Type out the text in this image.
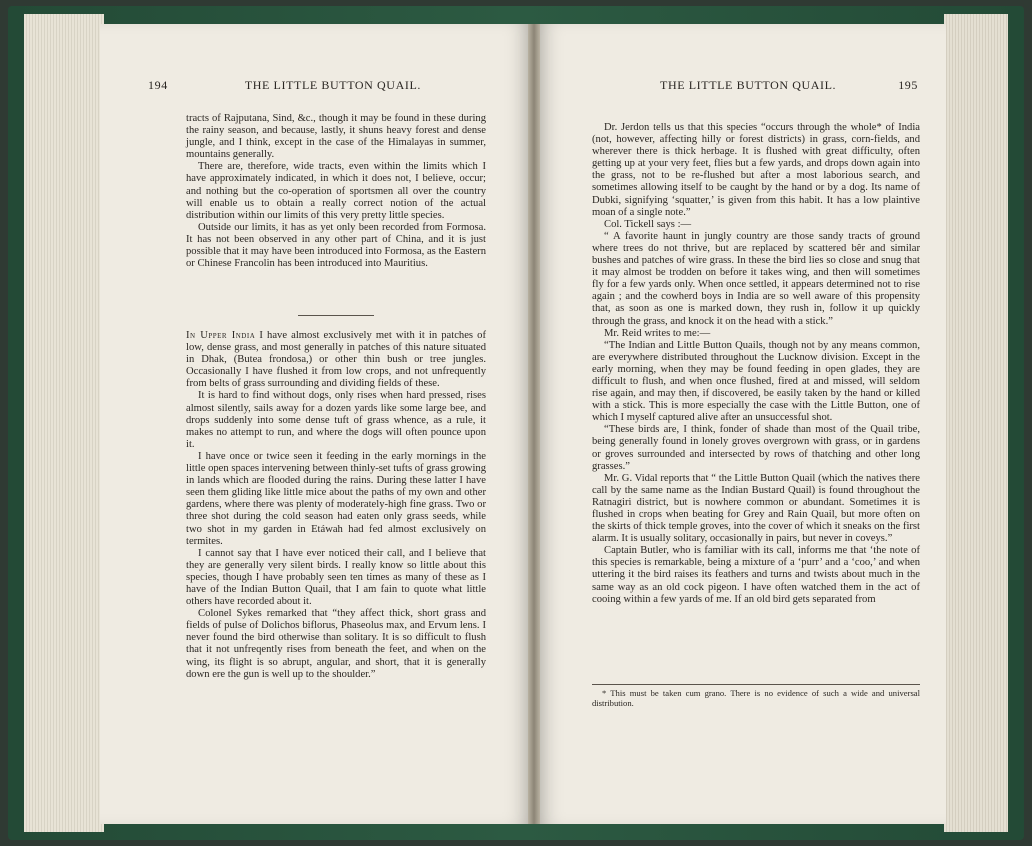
194	THE LITTLE BUTTON QUAIL.	THE LITTLE BUTTON QUAIL.	195

tracts of Rajputana, Sind, &c., though it may be found in these during the rainy season, and because, lastly, it shuns heavy forest and dense jungle, and I think, except in the case of the Himalayas in summer, mountains generally.

There are, therefore, wide tracts, even within the limits which I have approximately indicated, in which it does not, I believe, occur; and nothing but the co-operation of sportsmen all over the country will enable us to obtain a really correct notion of the actual distribution within our limits of this very pretty little species.

Outside our limits, it has as yet only been recorded from Formosa. It has not been observed in any other part of China, and it is just possible that it may have been introduced into Formosa, as the Eastern or Chinese Francolin has been introduced into Mauritius.

In Upper India I have almost exclusively met with it in patches of low, dense grass, and most generally in patches of this nature situated in Dhak, (Butea frondosa,) or other thin bush or tree jungles. Occasionally I have flushed it from low crops, and not unfrequently from belts of grass surrounding and dividing fields of these.

It is hard to find without dogs, only rises when hard pressed, rises almost silently, sails away for a dozen yards like some large bee, and drops suddenly into some dense tuft of grass whence, as a rule, it makes no attempt to run, and where the dogs will often pounce upon it.

I have once or twice seen it feeding in the early mornings in the little open spaces intervening between thinly-set tufts of grass growing in lands which are flooded during the rains. During these latter I have seen them gliding like little mice about the paths of my own and other gardens, where there was plenty of moderately-high fine grass. Two or three shot during the cold season had eaten only grass seeds, while two shot in my garden in Etáwah had fed almost exclusively on termites.

I cannot say that I have ever noticed their call, and I believe that they are generally very silent birds. I really know so little about this species, though I have probably seen ten times as many of these as I have of the Indian Button Quail, that I am fain to quote what little others have recorded about it.

Colonel Sykes remarked that “they affect thick, short grass and fields of pulse of Dolichos biflorus, Phaseolus max, and Ervum lens. I never found the bird otherwise than solitary. It is so difficult to flush that it not unfreqently rises from beneath the feet, and when on the wing, its flight is so abrupt, angular, and short, that it is generally down ere the gun is well up to the shoulder.”

Dr. Jerdon tells us that this species “occurs through the whole* of India (not, however, affecting hilly or forest districts) in grass, corn-fields, and wherever there is thick herbage. It is flushed with great difficulty, often getting up at your very feet, flies but a few yards, and drops down again into the grass, not to be re-flushed but after a most laborious search, and sometimes allowing itself to be caught by the hand or by a dog. Its name of Dubki, signifying ‘squatter,’ is given from this habit. It has a low plaintive moan of a single note.”

Col. Tickell says :—

“ A favorite haunt in jungly country are those sandy tracts of ground where trees do not thrive, but are replaced by scattered bêr and similar bushes and patches of wire grass. In these the bird lies so close and snug that it may almost be trodden on before it takes wing, and then will sometimes fly for a few yards only. When once settled, it appears determined not to rise again ; and the cowherd boys in India are so well aware of this propensity that, as soon as one is marked down, they rush in, follow it up quickly through the grass, and knock it on the head with a stick.”

Mr. Reid writes to me:—

“The Indian and Little Button Quails, though not by any means common, are everywhere distributed throughout the Lucknow division. Except in the early morning, when they may be found feeding in open glades, they are difficult to flush, and when once flushed, fired at and missed, will seldom rise again, and may then, if discovered, be easily taken by the hand or killed with a stick. This is more especially the case with the Little Button, one of which I myself captured alive after an unsuccessful shot.

“These birds are, I think, fonder of shade than most of the Quail tribe, being generally found in lonely groves overgrown with grass, or in gardens or groves surrounded and intersected by rows of thatching and other long grasses.”

Mr. G. Vidal reports that “ the Little Button Quail (which the natives there call by the same name as the Indian Bustard Quail) is found throughout the Ratnagiri district, but is nowhere common or abundant. Sometimes it is flushed in crops when beating for Grey and Rain Quail, but more often on the skirts of thick temple groves, into the cover of which it sneaks on the first alarm. It is usually solitary, occasionally in pairs, but never in coveys.”

Captain Butler, who is familiar with its call, informs me that ‘the note of this species is remarkable, being a mixture of a ‘purr’ and a ‘coo,’ and when uttering it the bird raises its feathers and turns and twists about much in the same way as an old cock pigeon. I have often watched them in the act of cooing within a few yards of me. If an old bird gets separated from

* This must be taken cum grano. There is no evidence of such a wide and universal distribution.
